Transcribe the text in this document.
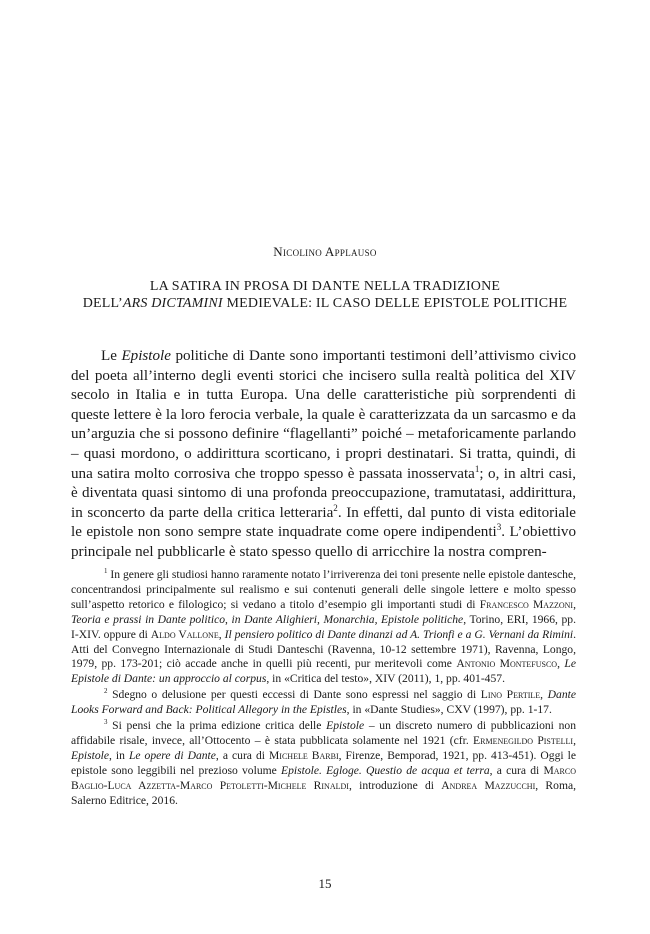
Nicolino Applauso
LA SATIRA IN PROSA DI DANTE NELLA TRADIZIONE
DELL’ARS DICTAMINI MEDIEVALE: IL CASO DELLE EPISTOLE POLITICHE

Le Epistole politiche di Dante sono importanti testimoni dell’attivismo civico del poeta all’interno degli eventi storici che incisero sulla realtà politica del XIV secolo in Italia e in tutta Europa. Una delle caratteristiche più sorprendenti di queste lettere è la loro ferocia verbale, la quale è caratterizzata da un sarcasmo e da un’arguzia che si possono definire “flagellanti” poiché – metaforicamente parlando – quasi mordono, o addirittura scorticano, i propri destinatari. Si tratta, quindi, di una satira molto corrosiva che troppo spesso è passata inosservata$^1$; o, in altri casi, è diventata quasi sintomo di una profonda preoccupazione, tramutatasi, addirittura, in sconcerto da parte della critica letteraria$^2$. In effetti, dal punto di vista editoriale le epistole non sono sempre state inquadrate come opere indipendenti$^3$. L’obiettivo principale nel pubblicarle è stato spesso quello di arricchire la nostra compren-

$^1$ In genere gli studiosi hanno raramente notato l’irriverenza dei toni presente nelle epistole dantesche, concentrandosi principalmente sul realismo e sui contenuti generali delle singole lettere e molto spesso sull’aspetto retorico e filologico; si vedano a titolo d’esempio gli importanti studi di Francesco Mazzoni, Teoria e prassi in Dante politico, in Dante Alighieri, Monarchia, Epistole politiche, Torino, ERI, 1966, pp. I-XIV. oppure di Aldo Vallone, Il pensiero politico di Dante dinanzi ad A. Trionfi e a G. Vernani da Rimini. Atti del Convegno Internazionale di Studi Danteschi (Ravenna, 10-12 settembre 1971), Ravenna, Longo, 1979, pp. 173-201; ciò accade anche in quelli più recenti, pur meritevoli come Antonio Montefusco, Le Epistole di Dante: un approccio al corpus, in «Critica del testo», XIV (2011), 1, pp. 401-457.

$^2$ Sdegno o delusione per questi eccessi di Dante sono espressi nel saggio di Lino Pertile, Dante Looks Forward and Back: Political Allegory in the Epistles, in «Dante Studies», CXV (1997), pp. 1-17.

$^3$ Si pensi che la prima edizione critica delle Epistole – un discreto numero di pubblicazioni non affidabile risale, invece, all’Ottocento – è stata pubblicata solamente nel 1921 (cfr. Ermenegildo Pistelli, Epistole, in Le opere di Dante, a cura di Michele Barbi, Firenze, Bemporad, 1921, pp. 413-451). Oggi le epistole sono leggibili nel prezioso volume Epistole. Egloge. Questio de acqua et terra, a cura di Marco Baglio-Luca Azzetta-Marco Petoletti-Michele Rinaldi, introduzione di Andrea Mazzucchi, Roma, Salerno Editrice, 2016.

15
